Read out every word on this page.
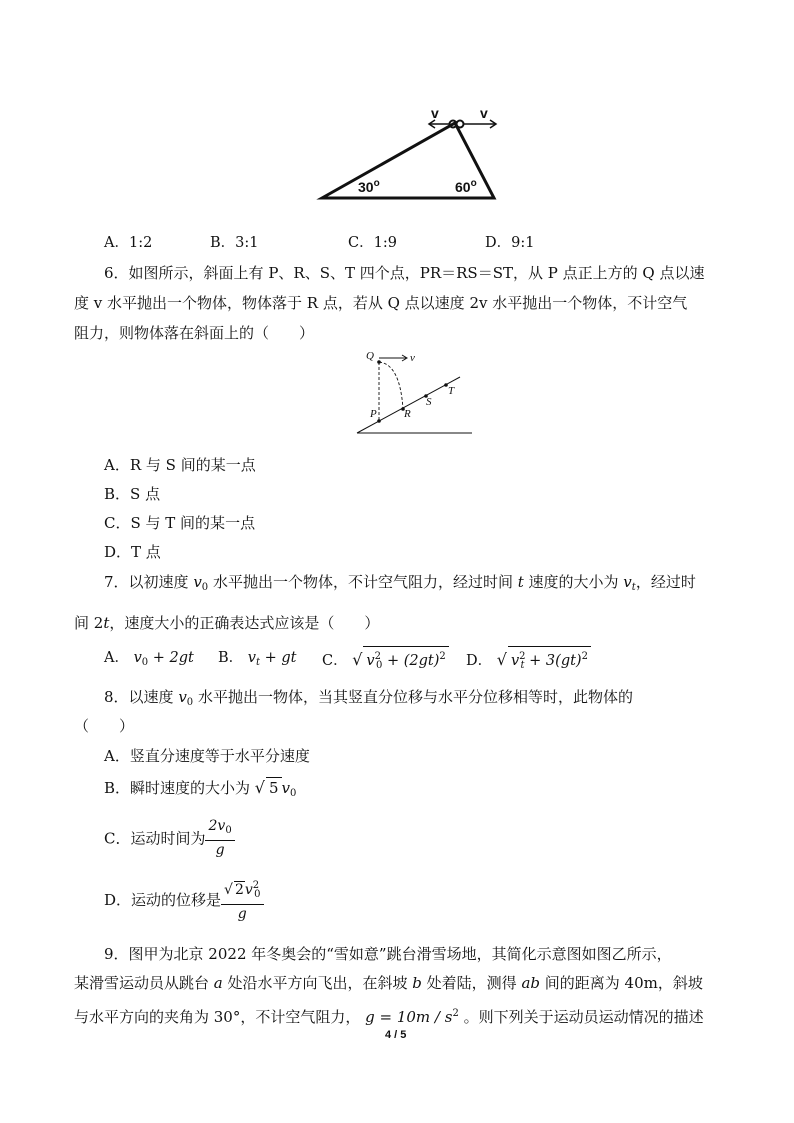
v	v
30$^o$	60$^o$
A．1:2	B．3:1	C．1:9	D．9:1
6．如图所示，斜面上有 P、R、S、T 四个点，PR＝RS＝ST，从 P 点正上方的 Q 点以速
度 v 水平抛出一个物体，物体落于 R 点，若从 Q 点以速度 2v 水平抛出一个物体，不计空气
阻力，则物体落在斜面上的（　　）
Q	v
P R
S
T
A．R 与 S 间的某一点
B．S 点
C．S 与 T 间的某一点
D．T 点
7．以初速度 $v_0$ 水平抛出一个物体，不计空气阻力，经过时间 t 速度的大小为 $v_t$，经过时
间 2t，速度大小的正确表达式应该是（　　）
A． $v_0 + 2gt$ B． $v_t$ + gt C． √ $v^2_0 + (2gt)^2$ D． √ $v^2_t + 3(gt)^2$
8．以速度 $v_0$ 水平抛出一物体，当其竖直分位移与水平分位移相等时，此物体的
（　　）
A．竖直分速度等于水平分速度
B．瞬时速度的大小为 √ 5 $v_0$
C．运动时间为 $\frac{2v_0}{g}$
D．运动的位移是 $\frac{√ 2v^2_0}{g}$
9．图甲为北京 2022 年冬奥会的“雪如意”跳台滑雪场地，其简化示意图如图乙所示，
某滑雪运动员从跳台 a 处沿水平方向飞出，在斜坡 b 处着陆，测得 ab 间的距离为 40m，斜坡
与水平方向的夹角为 30°，不计空气阻力， $g = 10m / s^2$ 。则下列关于运动员运动情况的描述
4 / 5
